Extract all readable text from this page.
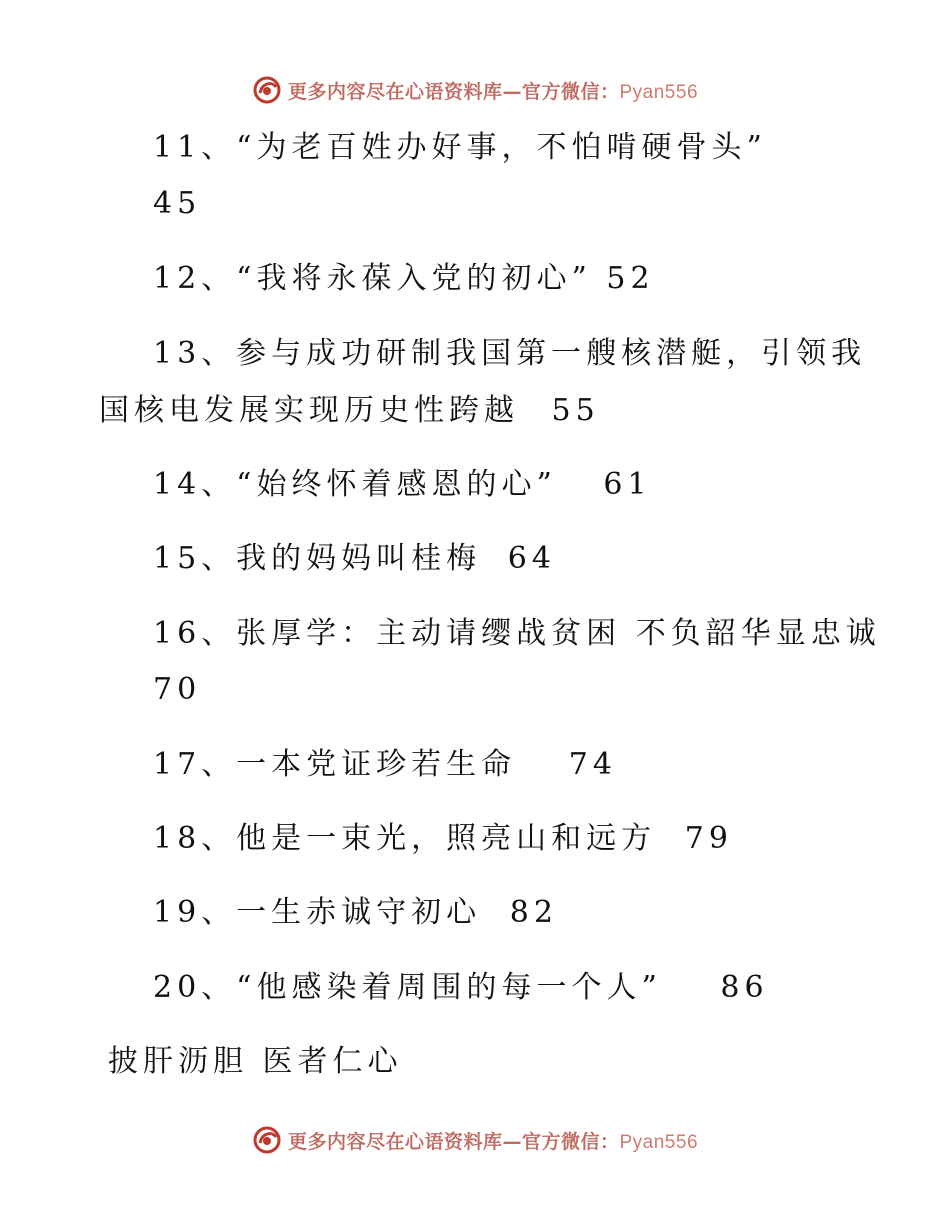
更多内容尽在心语资料库—官方微信：Pyan556
11、“为老百姓办好事，不怕啃硬骨头”
45
12、“我将永葆入党的初心” 52
13、参与成功研制我国第一艘核潜艇，引领我
国核电发展实现历史性跨越 55
14、“始终怀着感恩的心” 61
15、我的妈妈叫桂梅 64
16、张厚学：主动请缨战贫困 不负韶华显忠诚
70
17、一本党证珍若生命 74
18、他是一束光，照亮山和远方 79
19、一生赤诚守初心 82
20、“他感染着周围的每一个人” 86
披肝沥胆 医者仁心
更多内容尽在心语资料库—官方微信：Pyan556
